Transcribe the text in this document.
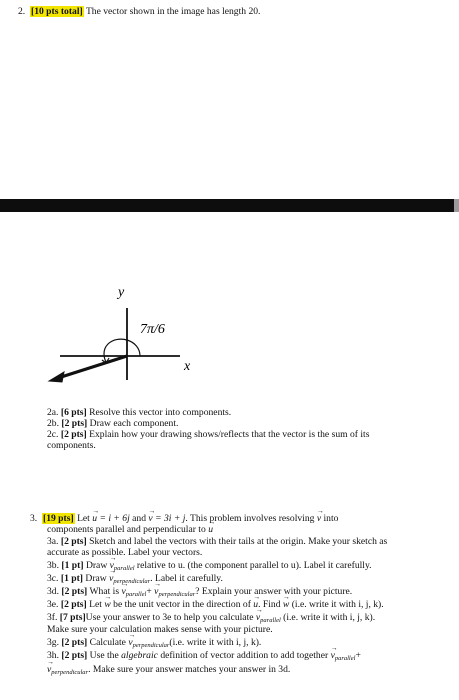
2. [10 pts total] The vector shown in the image has length 20.
y
x
7π/6
2a. [6 pts] Resolve this vector into components.
2b. [2 pts] Draw each component.
2c. [2 pts] Explain how your drawing shows/reflects that the vector is the sum of its
components.
3. [19 pts] Let → u = i + 6j and → v = 3i + j. This problem involves resolving → v into
components parallel and perpendicular to → u
3a. [2 pts] Sketch and label the vectors with their tails at the origin. Make your sketch as
accurate as possible. Label your vectors.
3b. [1 pt] Draw → $v_{parallel}$ relative to u. (the component parallel to u). Label it carefully.
3c. [1 pt] Draw → $v_{perpendicular}$. Label it carefully.
3d. [2 pts] What is → $v_{parallel}+ \to v_{perpendicular}$? Explain your answer with your picture.
3e. [2 pts] Let → w be the unit vector in the direction of → u. Find → w (i.e. write it with i, j, k).
3f. [7 pts]Use your answer to 3e to help you calculate → $v_{parallel}$ (i.e. write it with i, j, k).
Make sure your calculation makes sense with your picture.
3g. [2 pts] Calculate → $v_{perpendicular}(i.e$. write it with i, j, k).
3h. [2 pts] Use the algebraic definition of vector addition to add together → $v_{parallel}+$
→ $v_{perpendicular}$. Make sure your answer matches your answer in 3d.
